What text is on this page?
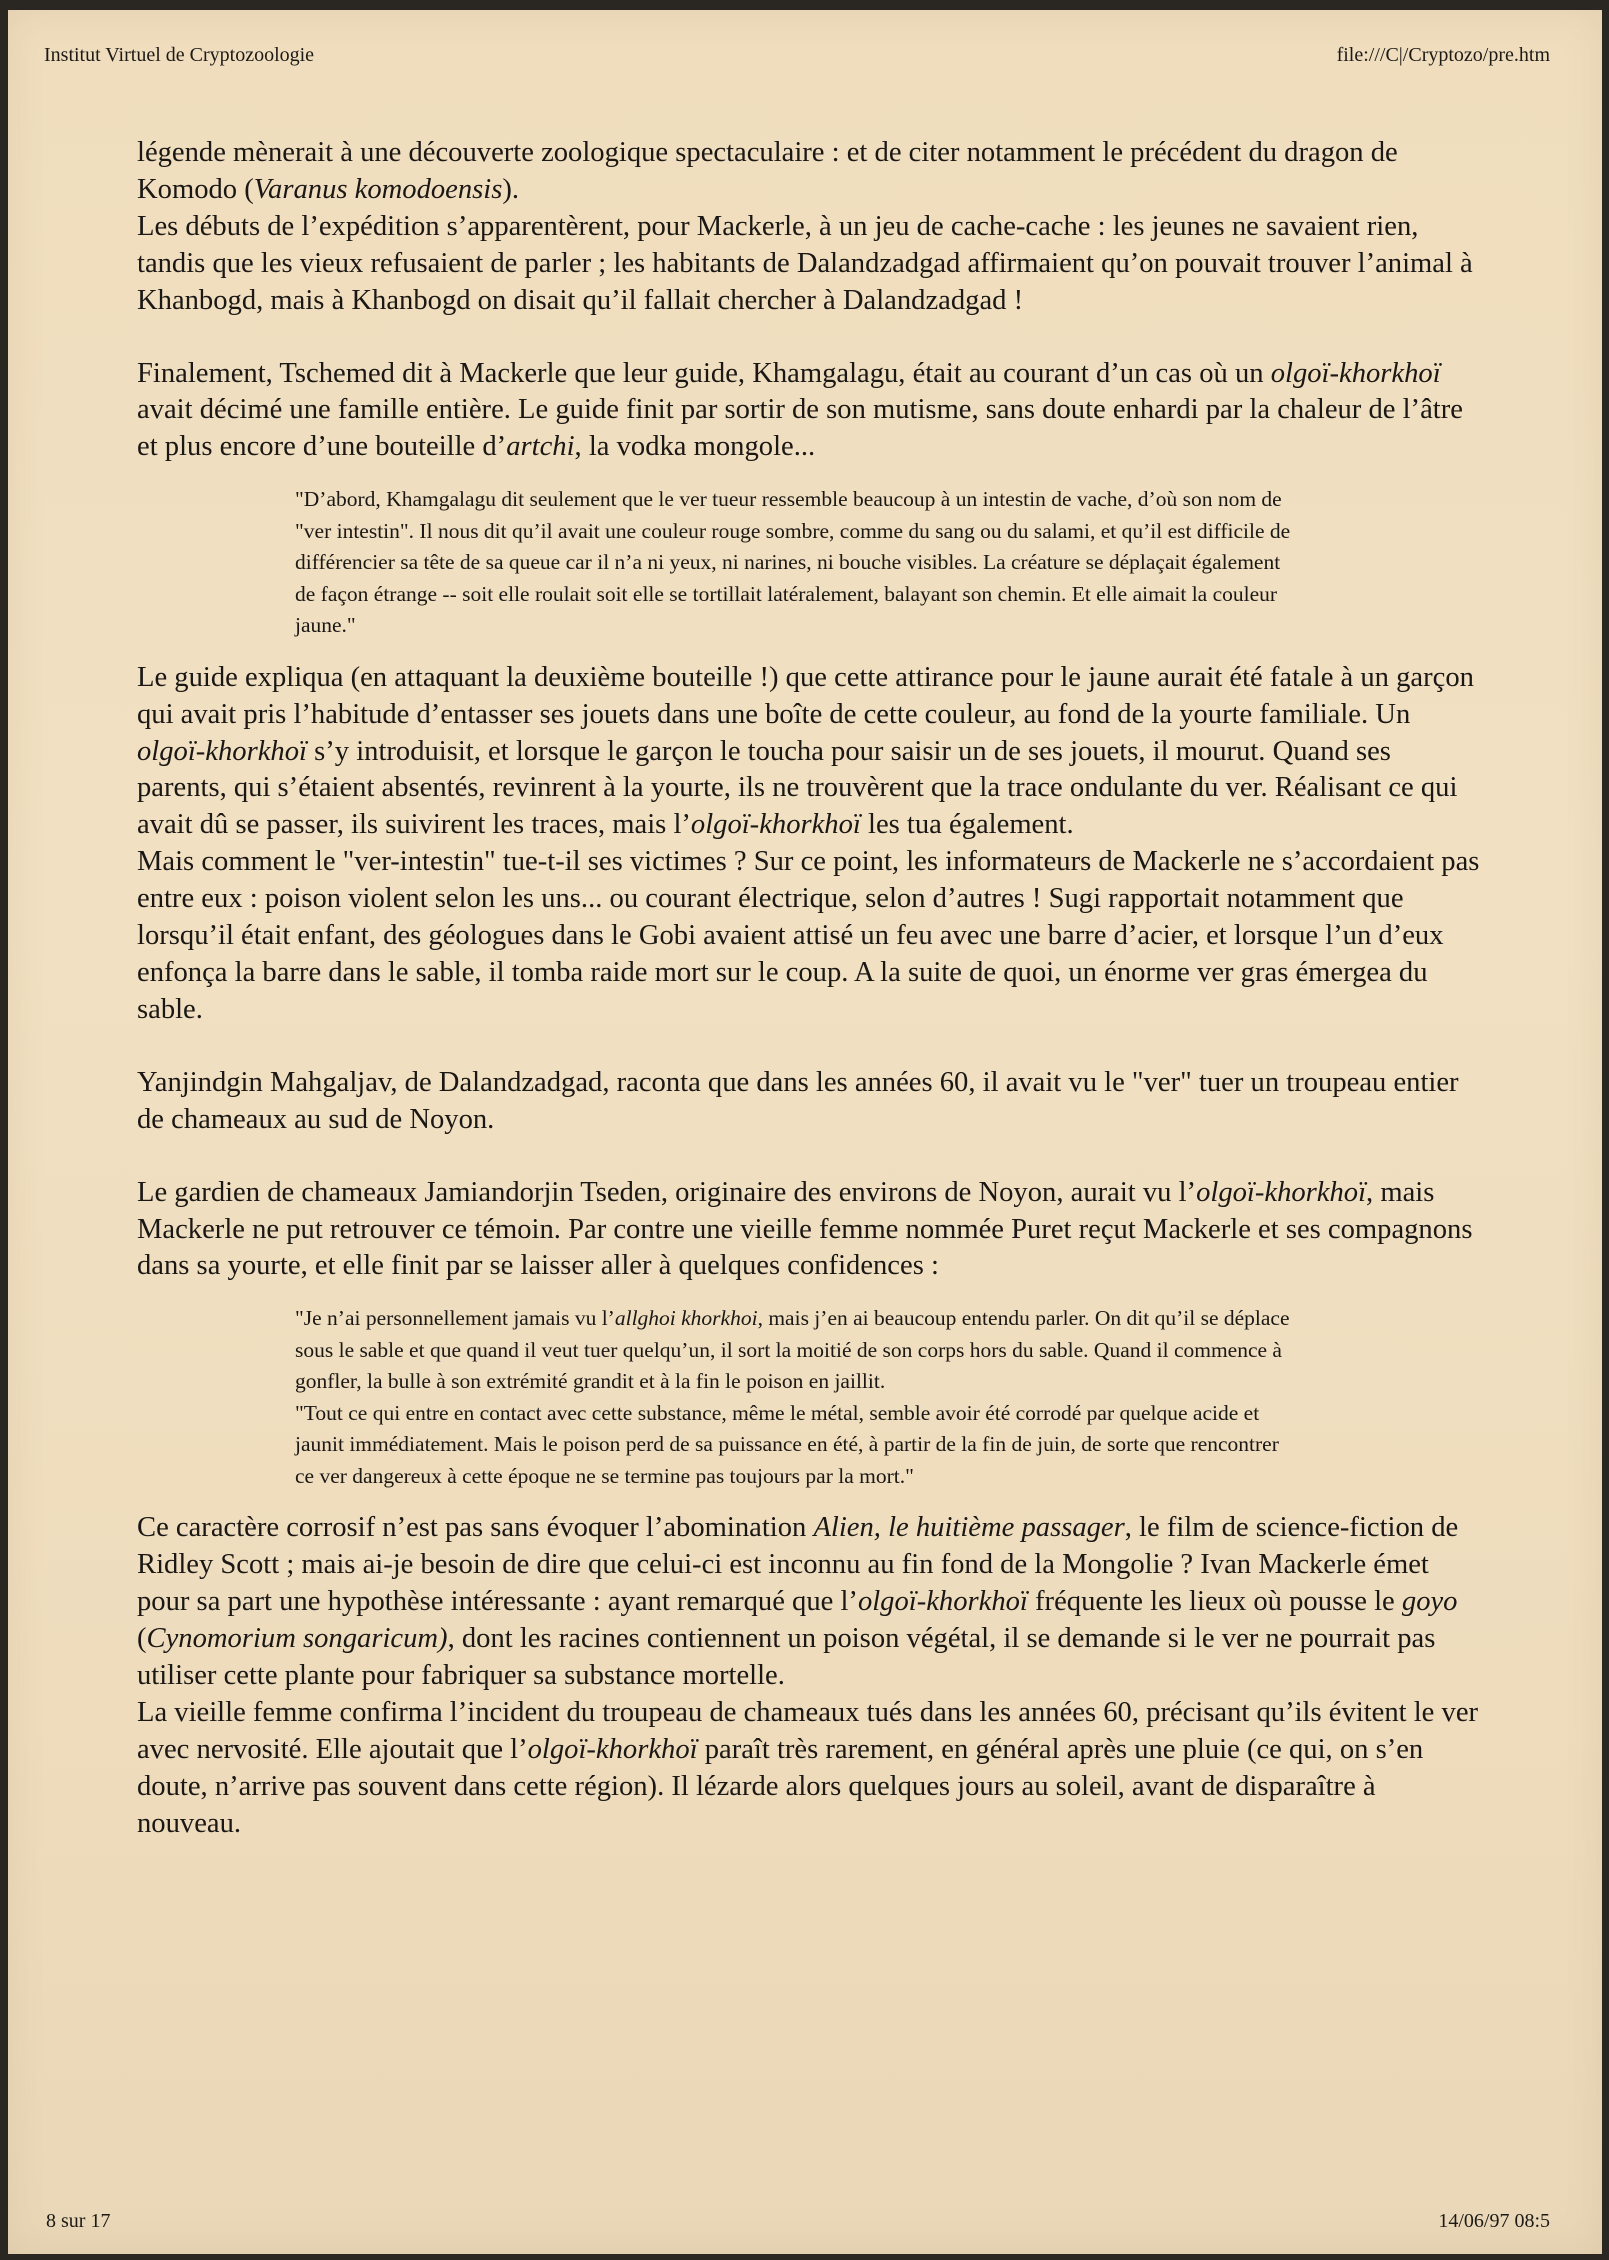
Institut Virtuel de Cryptozoologie	file:///C|/Cryptozo/pre.htm

légende mènerait à une découverte zoologique spectaculaire : et de citer notamment le précédent du dragon de Komodo (Varanus komodoensis).

Les débuts de l’expédition s’apparentèrent, pour Mackerle, à un jeu de cache-cache : les jeunes ne savaient rien, tandis que les vieux refusaient de parler ; les habitants de Dalandzadgad affirmaient qu’on pouvait trouver l’animal à Khanbogd, mais à Khanbogd on disait qu’il fallait chercher à Dalandzadgad !

Finalement, Tschemed dit à Mackerle que leur guide, Khamgalagu, était au courant d’un cas où un olgoï-khorkhoï avait décimé une famille entière. Le guide finit par sortir de son mutisme, sans doute enhardi par la chaleur de l’âtre et plus encore d’une bouteille d’artchi, la vodka mongole...

"D’abord, Khamgalagu dit seulement que le ver tueur ressemble beaucoup à un intestin de vache, d’où son nom de "ver intestin". Il nous dit qu’il avait une couleur rouge sombre, comme du sang ou du salami, et qu’il est difficile de différencier sa tête de sa queue car il n’a ni yeux, ni narines, ni bouche visibles. La créature se déplaçait également de façon étrange -- soit elle roulait soit elle se tortillait latéralement, balayant son chemin. Et elle aimait la couleur jaune."

Le guide expliqua (en attaquant la deuxième bouteille !) que cette attirance pour le jaune aurait été fatale à un garçon qui avait pris l’habitude d’entasser ses jouets dans une boîte de cette couleur, au fond de la yourte familiale. Un olgoï-khorkhoï s’y introduisit, et lorsque le garçon le toucha pour saisir un de ses jouets, il mourut. Quand ses parents, qui s’étaient absentés, revinrent à la yourte, ils ne trouvèrent que la trace ondulante du ver. Réalisant ce qui avait dû se passer, ils suivirent les traces, mais l’olgoï-khorkhoï les tua également.

Mais comment le "ver-intestin" tue-t-il ses victimes ? Sur ce point, les informateurs de Mackerle ne s’accordaient pas entre eux : poison violent selon les uns... ou courant électrique, selon d’autres ! Sugi rapportait notamment que lorsqu’il était enfant, des géologues dans le Gobi avaient attisé un feu avec une barre d’acier, et lorsque l’un d’eux enfonça la barre dans le sable, il tomba raide mort sur le coup. A la suite de quoi, un énorme ver gras émergea du sable.

Yanjindgin Mahgaljav, de Dalandzadgad, raconta que dans les années 60, il avait vu le "ver" tuer un troupeau entier de chameaux au sud de Noyon.

Le gardien de chameaux Jamiandorjin Tseden, originaire des environs de Noyon, aurait vu l’olgoï-khorkhoï, mais Mackerle ne put retrouver ce témoin. Par contre une vieille femme nommée Puret reçut Mackerle et ses compagnons dans sa yourte, et elle finit par se laisser aller à quelques confidences :

"Je n’ai personnellement jamais vu l’allghoi khorkhoi, mais j’en ai beaucoup entendu parler. On dit qu’il se déplace sous le sable et que quand il veut tuer quelqu’un, il sort la moitié de son corps hors du sable. Quand il commence à gonfler, la bulle à son extrémité grandit et à la fin le poison en jaillit.

"Tout ce qui entre en contact avec cette substance, même le métal, semble avoir été corrodé par quelque acide et jaunit immédiatement. Mais le poison perd de sa puissance en été, à partir de la fin de juin, de sorte que rencontrer ce ver dangereux à cette époque ne se termine pas toujours par la mort."

Ce caractère corrosif n’est pas sans évoquer l’abomination Alien, le huitième passager, le film de science-fiction de Ridley Scott ; mais ai-je besoin de dire que celui-ci est inconnu au fin fond de la Mongolie ? Ivan Mackerle émet pour sa part une hypothèse intéressante : ayant remarqué que l’olgoï-khorkhoï fréquente les lieux où pousse le goyo (Cynomorium songaricum), dont les racines contiennent un poison végétal, il se demande si le ver ne pourrait pas utiliser cette plante pour fabriquer sa substance mortelle.

La vieille femme confirma l’incident du troupeau de chameaux tués dans les années 60, précisant qu’ils évitent le ver avec nervosité. Elle ajoutait que l’olgoï-khorkhoï paraît très rarement, en général après une pluie (ce qui, on s’en doute, n’arrive pas souvent dans cette région). Il lézarde alors quelques jours au soleil, avant de disparaître à nouveau.

8 sur 17	14/06/97 08:5
